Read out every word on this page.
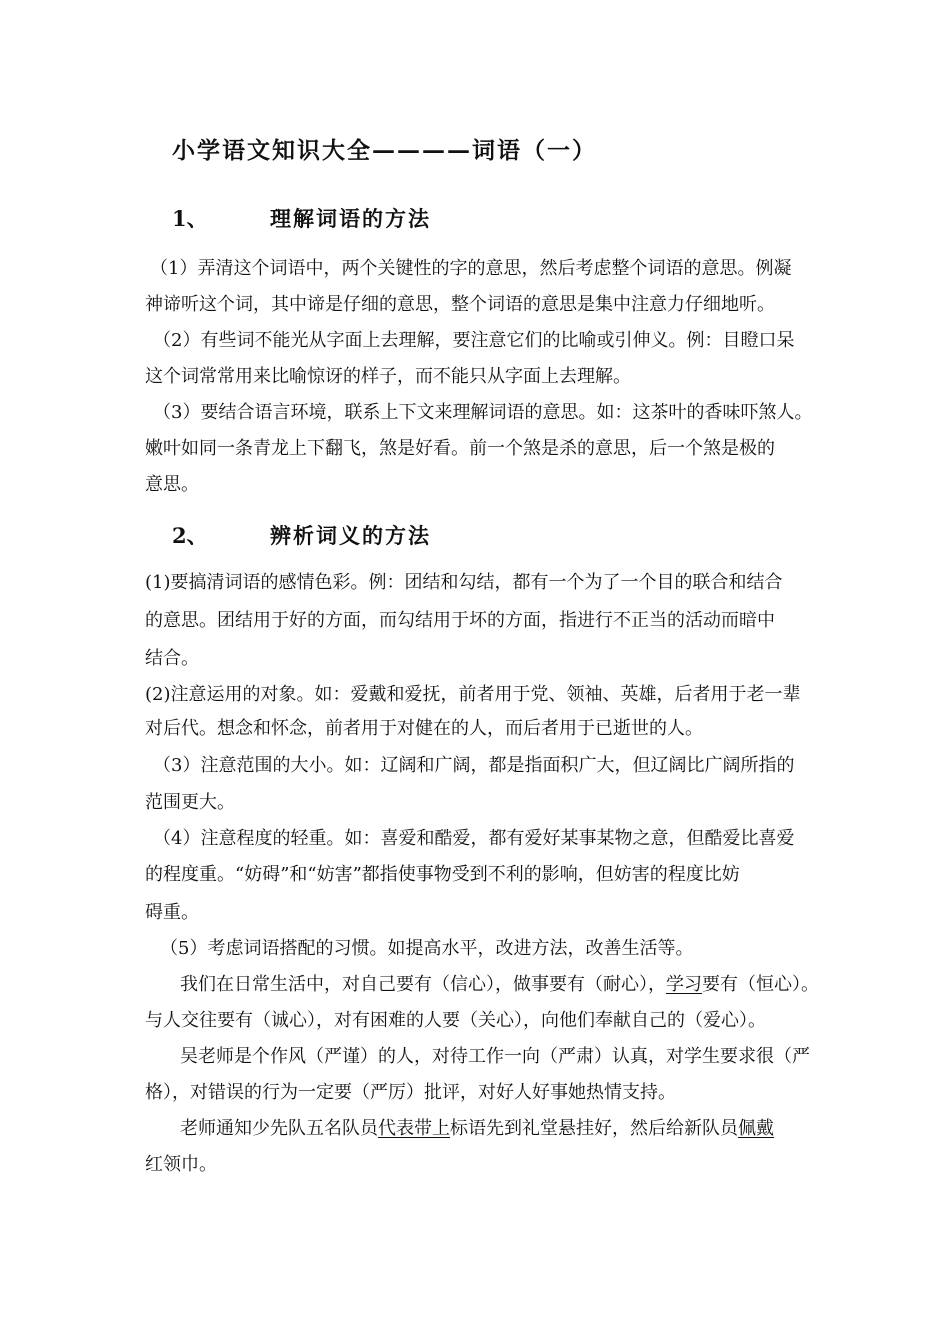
小学语文知识大全————词语（一）
1、	理解词语的方法
（1）弄清这个词语中，两个关键性的字的意思，然后考虑整个词语的意思。例凝
神谛听这个词，其中谛是仔细的意思，整个词语的意思是集中注意力仔细地听。
（2）有些词不能光从字面上去理解，要注意它们的比喻或引伸义。例：目瞪口呆
这个词常常用来比喻惊讶的样子，而不能只从字面上去理解。
（3）要结合语言环境，联系上下文来理解词语的意思。如：这茶叶的香味吓煞人。
嫩叶如同一条青龙上下翻飞，煞是好看。前一个煞是杀的意思，后一个煞是极的
意思。
2、	辨析词义的方法
(1)要搞清词语的感情色彩。例：团结和勾结，都有一个为了一个目的联合和结合
的意思。团结用于好的方面，而勾结用于坏的方面，指进行不正当的活动而暗中
结合。
(2)注意运用的对象。如：爱戴和爱抚，前者用于党、领袖、英雄，后者用于老一辈
对后代。想念和怀念，前者用于对健在的人，而后者用于已逝世的人。
（3）注意范围的大小。如：辽阔和广阔，都是指面积广大，但辽阔比广阔所指的
范围更大。
（4）注意程度的轻重。如：喜爱和酷爱，都有爱好某事某物之意，但酷爱比喜爱
的程度重。“妨碍”和“妨害”都指使事物受到不利的影响，但妨害的程度比妨
碍重。
（5）考虑词语搭配的习惯。如提高水平，改进方法，改善生活等。
我们在日常生活中，对自己要有（信心），做事要有（耐心），学习要有（恒心）。
与人交往要有（诚心），对有困难的人要（关心），向他们奉献自己的（爱心）。
吴老师是个作风（严谨）的人，对待工作一向（严肃）认真，对学生要求很（严
格），对错误的行为一定要（严厉）批评，对好人好事她热情支持。
老师通知少先队五名队员代表带上标语先到礼堂悬挂好，然后给新队员佩戴
红领巾。
